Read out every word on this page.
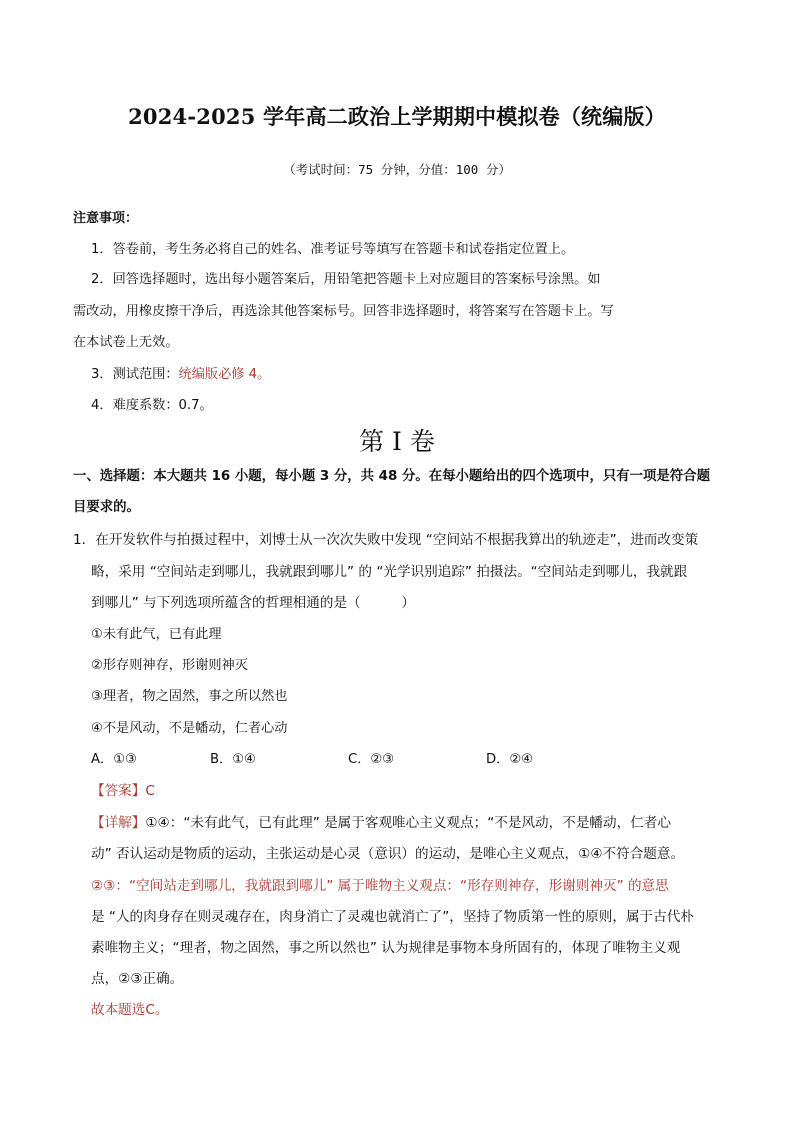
2024-2025 学年高二政治上学期期中模拟卷（统编版）
（考试时间：75 分钟，分值：100 分）
注意事项：
1．答卷前，考生务必将自己的姓名、准考证号等填写在答题卡和试卷指定位置上。
2．回答选择题时，选出每小题答案后，用铅笔把答题卡上对应题目的答案标号涂黑。如
需改动，用橡皮擦干净后，再选涂其他答案标号。回答非选择题时，将答案写在答题卡上。写
在本试卷上无效。
3．测试范围：统编版必修 4。
4．难度系数：0.7。
第 I 卷
一、选择题：本大题共 16 小题，每小题 3 分，共 48 分。在每小题给出的四个选项中，只有一项是符合题
目要求的。
1．在开发软件与拍摄过程中，刘博士从一次次失败中发现 “空间站不根据我算出的轨迹走”，进而改变策
略，采用 “空间站走到哪儿，我就跟到哪儿” 的 “光学识别追踪” 拍摄法。“空间站走到哪儿，我就跟
到哪儿” 与下列选项所蕴含的哲理相通的是（　　　）
①未有此气，已有此理
②形存则神存，形谢则神灭
③理者，物之固然，事之所以然也
④不是风动，不是幡动，仁者心动
A．①③	B．①④	C．②③	D．②④
【答案】C
【详解】①④：“未有此气，已有此理” 是属于客观唯心主义观点；“不是风动，不是幡动，仁者心
动” 否认运动是物质的运动，主张运动是心灵（意识）的运动，是唯心主义观点，①④不符合题意。
②③：“空间站走到哪儿，我就跟到哪儿” 属于唯物主义观点：“形存则神存，形谢则神灭” 的意思
是 “人的肉身存在则灵魂存在，肉身消亡了灵魂也就消亡了”，坚持了物质第一性的原则，属于古代朴
素唯物主义；“理者，物之固然，事之所以然也” 认为规律是事物本身所固有的，体现了唯物主义观
点，②③正确。
故本题选C。
